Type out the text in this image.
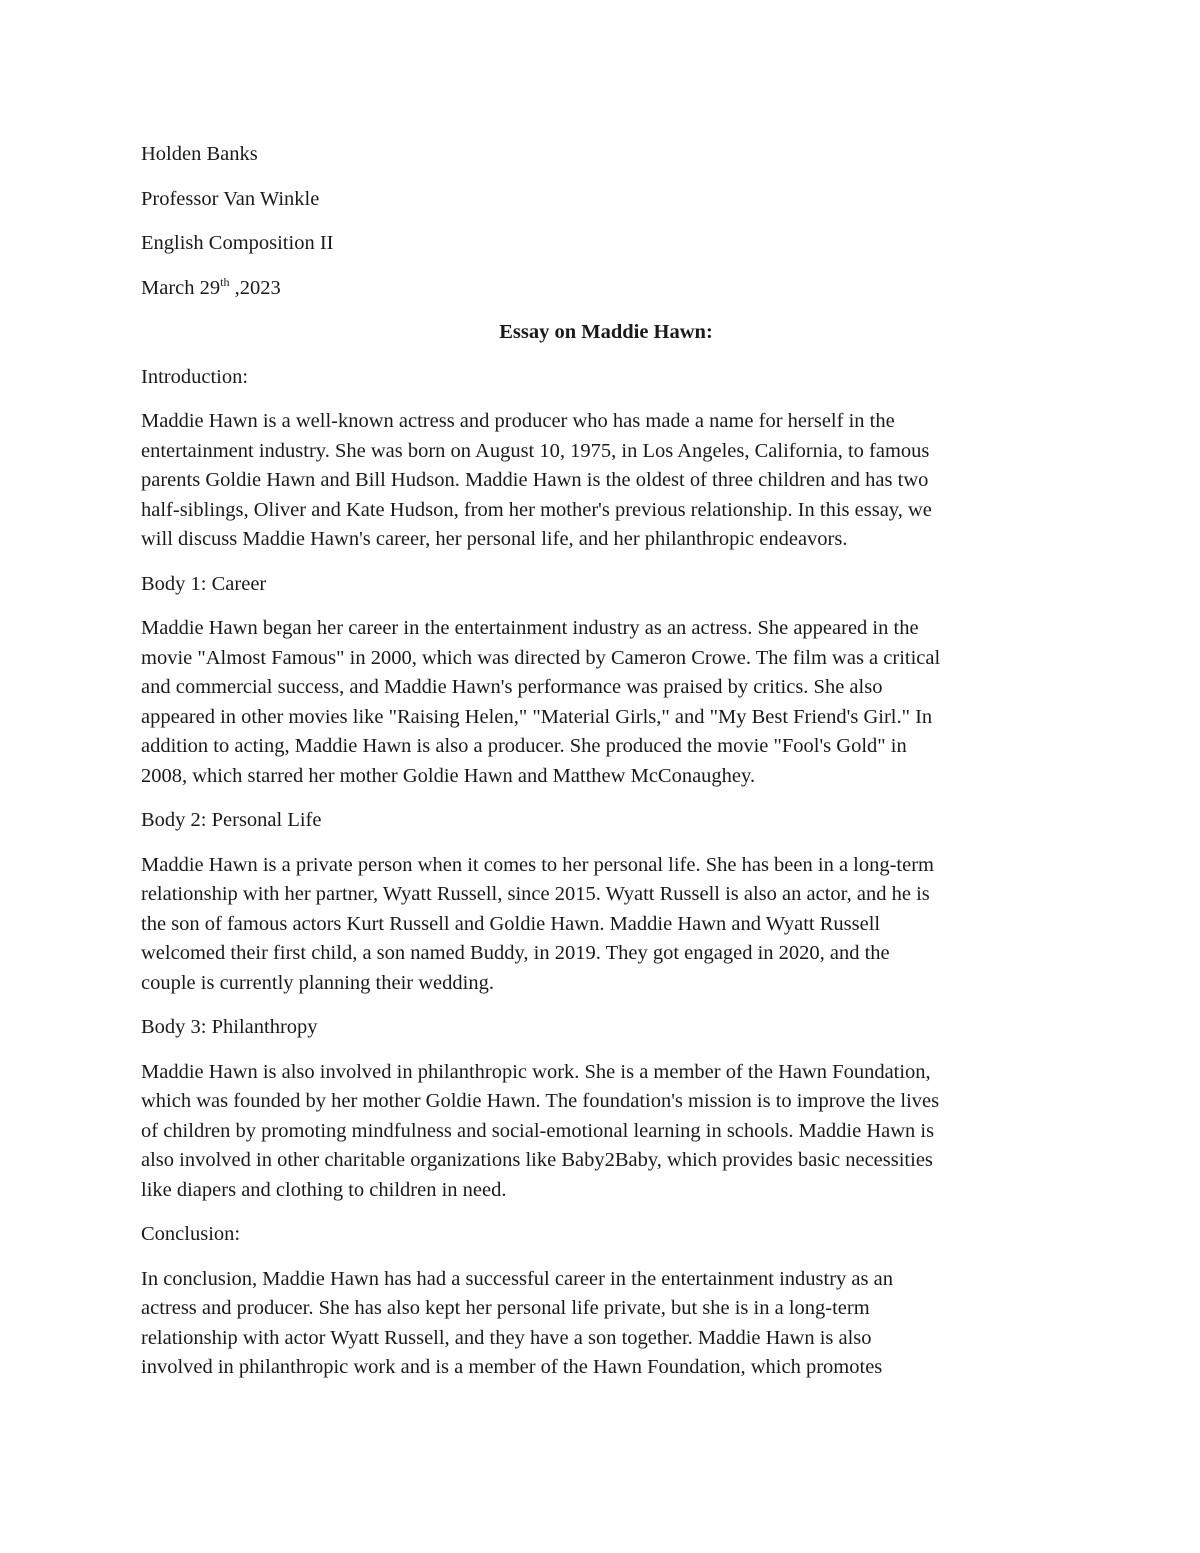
Holden Banks

Professor Van Winkle

English Composition II

March 29th ,2023

Essay on Maddie Hawn:

Introduction:

Maddie Hawn is a well-known actress and producer who has made a name for herself in the
entertainment industry. She was born on August 10, 1975, in Los Angeles, California, to famous
parents Goldie Hawn and Bill Hudson. Maddie Hawn is the oldest of three children and has two
half-siblings, Oliver and Kate Hudson, from her mother's previous relationship. In this essay, we
will discuss Maddie Hawn's career, her personal life, and her philanthropic endeavors.

Body 1: Career

Maddie Hawn began her career in the entertainment industry as an actress. She appeared in the
movie "Almost Famous" in 2000, which was directed by Cameron Crowe. The film was a critical
and commercial success, and Maddie Hawn's performance was praised by critics. She also
appeared in other movies like "Raising Helen," "Material Girls," and "My Best Friend's Girl." In
addition to acting, Maddie Hawn is also a producer. She produced the movie "Fool's Gold" in
2008, which starred her mother Goldie Hawn and Matthew McConaughey.

Body 2: Personal Life

Maddie Hawn is a private person when it comes to her personal life. She has been in a long-term
relationship with her partner, Wyatt Russell, since 2015. Wyatt Russell is also an actor, and he is
the son of famous actors Kurt Russell and Goldie Hawn. Maddie Hawn and Wyatt Russell
welcomed their first child, a son named Buddy, in 2019. They got engaged in 2020, and the
couple is currently planning their wedding.

Body 3: Philanthropy

Maddie Hawn is also involved in philanthropic work. She is a member of the Hawn Foundation,
which was founded by her mother Goldie Hawn. The foundation's mission is to improve the lives
of children by promoting mindfulness and social-emotional learning in schools. Maddie Hawn is
also involved in other charitable organizations like Baby2Baby, which provides basic necessities
like diapers and clothing to children in need.

Conclusion:

In conclusion, Maddie Hawn has had a successful career in the entertainment industry as an
actress and producer. She has also kept her personal life private, but she is in a long-term
relationship with actor Wyatt Russell, and they have a son together. Maddie Hawn is also
involved in philanthropic work and is a member of the Hawn Foundation, which promotes
